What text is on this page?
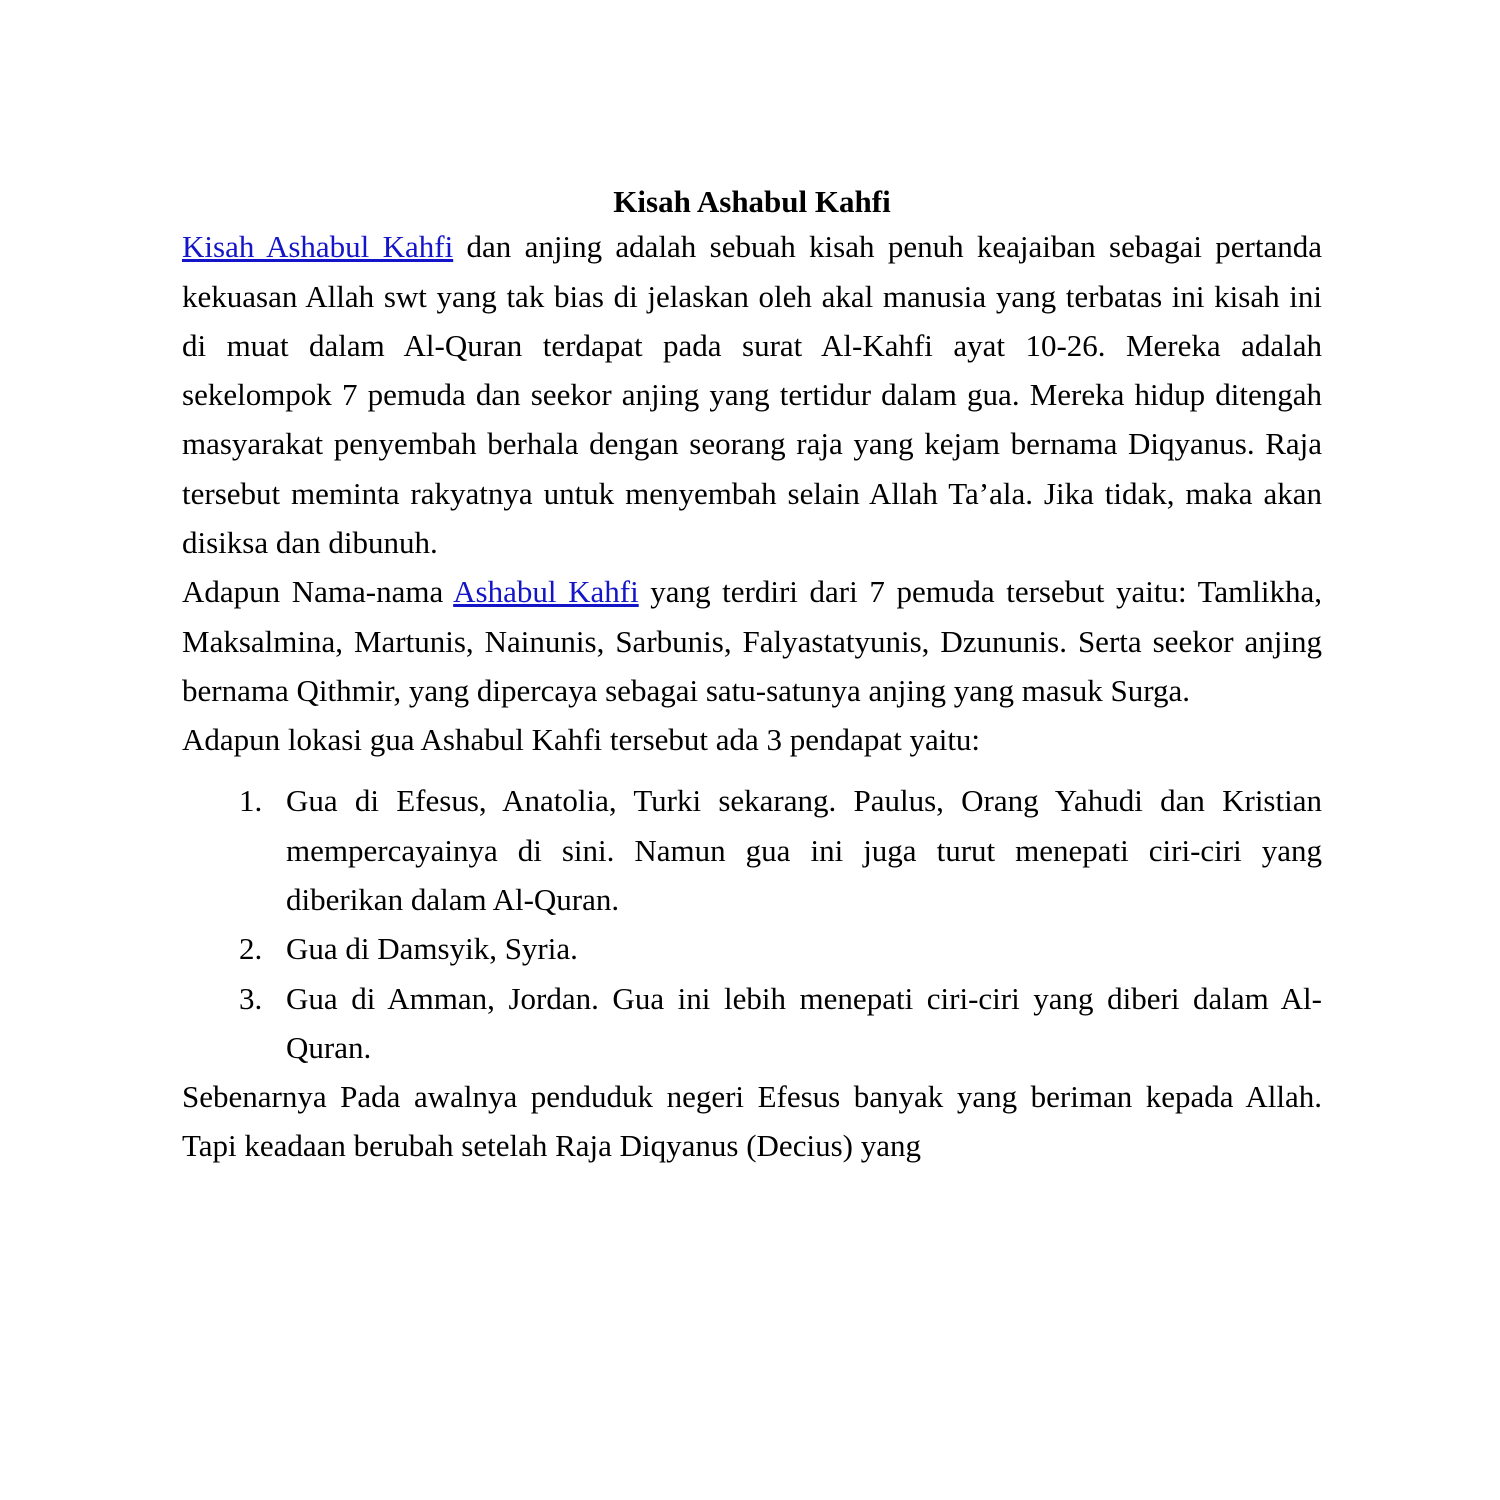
Kisah Ashabul Kahfi

Kisah Ashabul Kahfi dan anjing adalah sebuah kisah penuh keajaiban sebagai pertanda kekuasan Allah swt yang tak bias di jelaskan oleh akal manusia yang terbatas ini kisah ini di muat dalam Al-Quran terdapat pada surat Al-Kahfi ayat 10-26. Mereka adalah sekelompok 7 pemuda dan seekor anjing yang tertidur dalam gua. Mereka hidup ditengah masyarakat penyembah berhala dengan seorang raja yang kejam bernama Diqyanus. Raja tersebut meminta rakyatnya untuk menyembah selain Allah Ta’ala. Jika tidak, maka akan disiksa dan dibunuh.

Adapun Nama-nama Ashabul Kahfi yang terdiri dari 7 pemuda tersebut yaitu: Tamlikha, Maksalmina, Martunis, Nainunis, Sarbunis, Falyastatyunis, Dzununis. Serta seekor anjing bernama Qithmir, yang dipercaya sebagai satu-satunya anjing yang masuk Surga.

Adapun lokasi gua Ashabul Kahfi tersebut ada 3 pendapat yaitu:

1. Gua di Efesus, Anatolia, Turki sekarang. Paulus, Orang Yahudi dan Kristian mempercayainya di sini. Namun gua ini juga turut menepati ciri-ciri yang diberikan dalam Al-Quran.
2. Gua di Damsyik, Syria.
3. Gua di Amman, Jordan. Gua ini lebih menepati ciri-ciri yang diberi dalam Al-Quran.

Sebenarnya Pada awalnya penduduk negeri Efesus banyak yang beriman kepada Allah. Tapi keadaan berubah setelah Raja Diqyanus (Decius) yang
